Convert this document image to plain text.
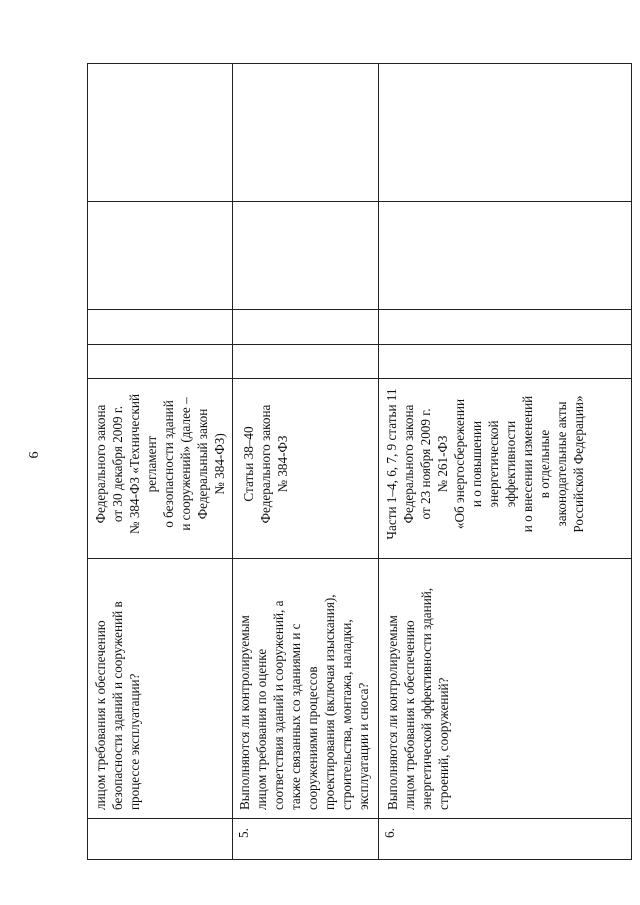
6
лицом требования к обеспечению безопасности зданий и сооружений в процессе эксплуатации?
Федерального закона от 30 декабря 2009 г. № 384-ФЗ «Технический регламент о безопасности зданий и сооружений» (далее – Федеральный закон № 384-ФЗ)
5.
Выполняются ли контролируемым лицом требования по оценке соответствия зданий и сооружений, а также связанных со зданиями и с сооружениями процессов проектирования (включая изыскания), строительства, монтажа, наладки, эксплуатации и сноса?
Статьи 38–40 Федерального закона № 384-ФЗ
6.
Выполняются ли контролируемым лицом требования к обеспечению энергетической эффективности зданий, строений, сооружений?
Части 1–4, 6, 7, 9 статьи 11 Федерального закона от 23 ноября 2009 г. № 261-ФЗ «Об энергосбережении и о повышении энергетической эффективности и о внесении изменений в отдельные законодательные акты Российской Федерации»
